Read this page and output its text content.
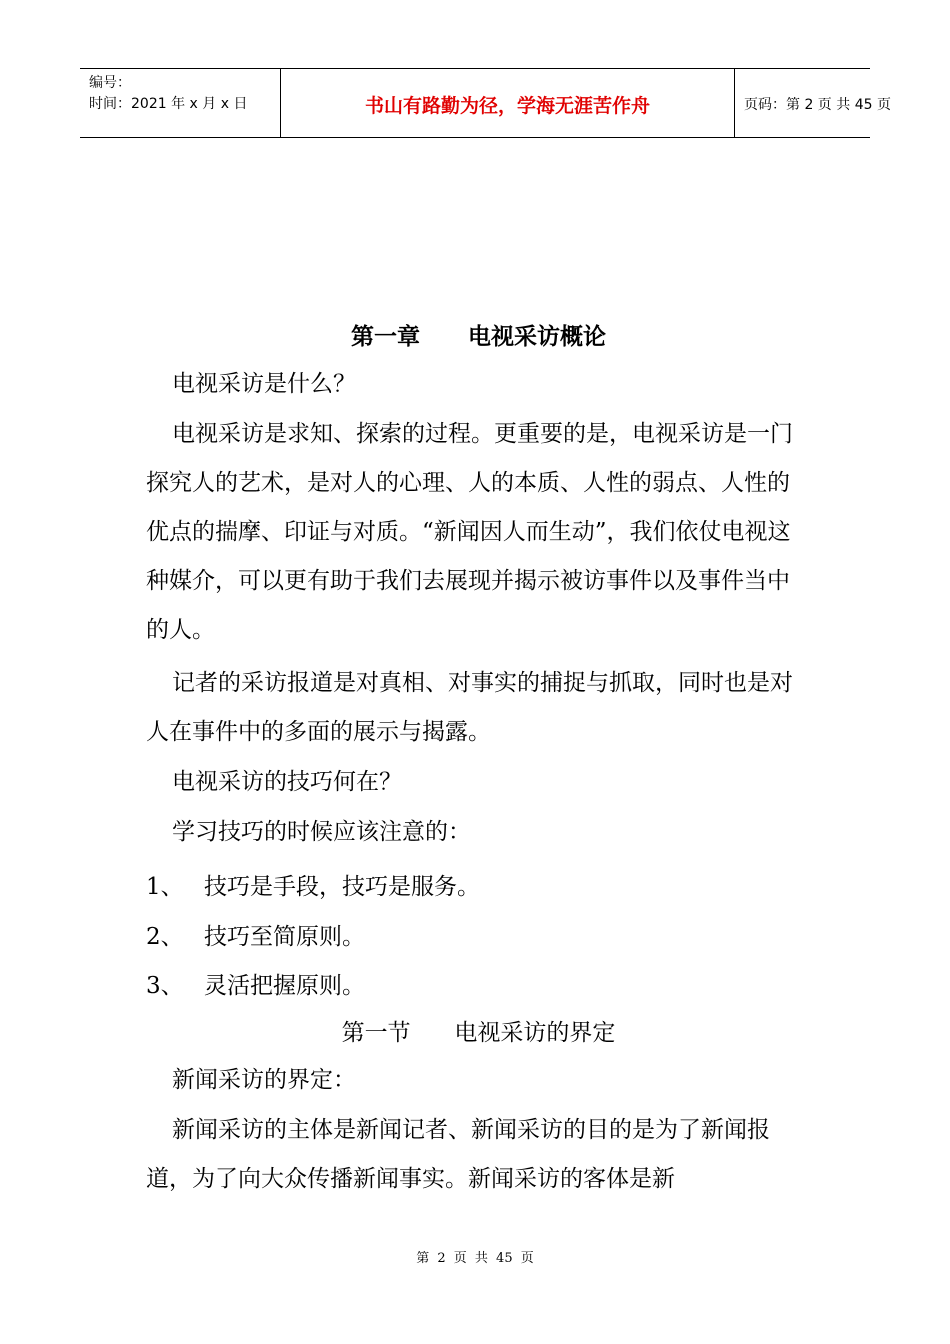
编号：
时间：2021 年 x 月 x 日	书山有路勤为径，学海无涯苦作舟	页码：第 2 页 共 45 页
第一章      电视采访概论

电视采访是什么？

电视采访是求知、探索的过程。更重要的是，电视采访是一门探究人的艺术，是对人的心理、人的本质、人性的弱点、人性的优点的揣摩、印证与对质。“新闻因人而生动”，我们依仗电视这种媒介，可以更有助于我们去展现并揭示被访事件以及事件当中的人。

记者的采访报道是对真相、对事实的捕捉与抓取，同时也是对人在事件中的多面的展示与揭露。

电视采访的技巧何在？

学习技巧的时候应该注意的：

1、 技巧是手段，技巧是服务。
2、 技巧至简原则。
3、 灵活把握原则。
第一节      电视采访的界定

新闻采访的界定：

新闻采访的主体是新闻记者、新闻采访的目的是为了新闻报道，为了向大众传播新闻事实。新闻采访的客体是新

第 2 页 共 45 页
